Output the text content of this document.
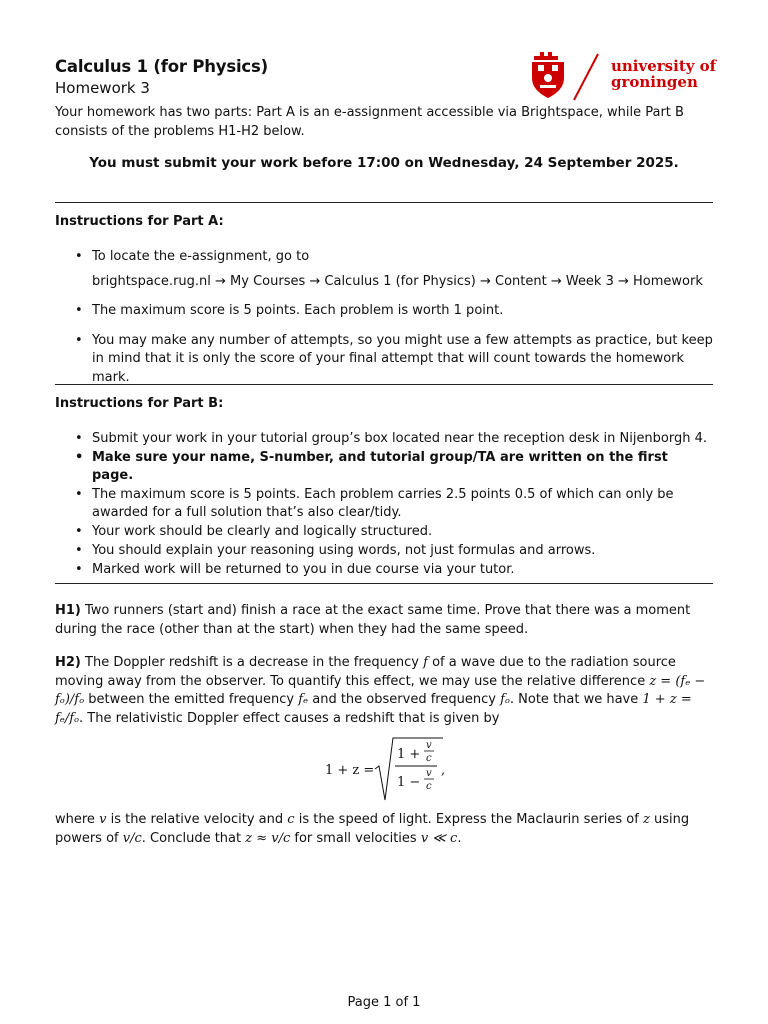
Calculus 1 (for Physics)
Homework 3
university of
groningen
Your homework has two parts: Part A is an e-assignment accessible via Brightspace, while Part B consists of the problems H1-H2 below.
You must submit your work before 17:00 on Wednesday, 24 September 2025.
Instructions for Part A:
• To locate the e-assignment, go to
brightspace.rug.nl → My Courses → Calculus 1 (for Physics) → Content → Week 3 → Homework
• The maximum score is 5 points. Each problem is worth 1 point.
• You may make any number of attempts, so you might use a few attempts as practice, but keep in mind that it is only the score of your final attempt that will count towards the homework mark.
Instructions for Part B:
• Submit your work in your tutorial group’s box located near the reception desk in Nijenborgh 4.
• Make sure your name, S-number, and tutorial group/TA are written on the first page.
• The maximum score is 5 points. Each problem carries 2.5 points 0.5 of which can only be awarded for a full solution that’s also clear/tidy.
• Your work should be clearly and logically structured.
• You should explain your reasoning using words, not just formulas and arrows.
• Marked work will be returned to you in due course via your tutor.
H1) Two runners (start and) finish a race at the exact same time. Prove that there was a moment during the race (other than at the start) when they had the same speed.
H2) The Doppler redshift is a decrease in the frequency f of a wave due to the radiation source moving away from the observer. To quantify this effect, we may use the relative difference z = (fₑ − fₒ)/fₒ between the emitted frequency fₑ and the observed frequency fₒ. Note that we have 1 + z = fₑ/fₒ. The relativistic Doppler effect causes a redshift that is given by
1 + z =
1 +
v
c
1 −
v
c
,
where v is the relative velocity and c is the speed of light. Express the Maclaurin series of z using powers of v/c. Conclude that z ≈ v/c for small velocities v ≪ c.
Page 1 of 1
